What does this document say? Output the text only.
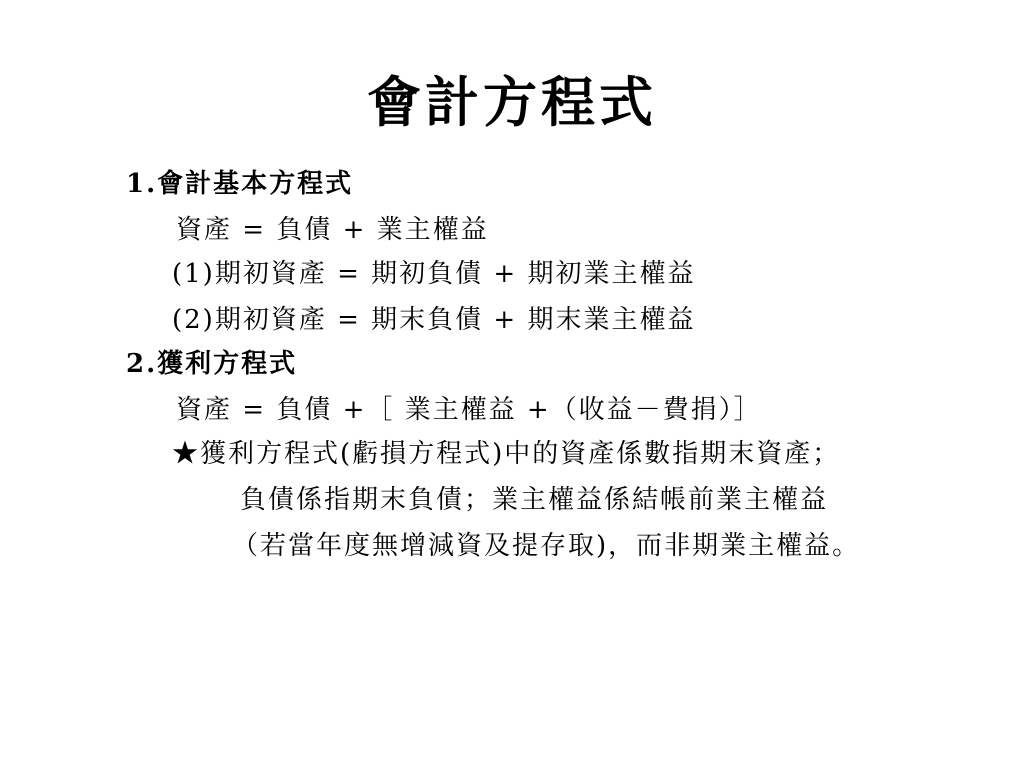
會計方程式
1.會計基本方程式
資產 = 負債 + 業主權益
(1)期初資產 = 期初負債 + 期初業主權益
(2)期初資產 = 期末負債 + 期末業主權益
2.獲利方程式
資產 = 負債 +［ 業主權益 +（收益－費捐）］
★獲利方程式(虧損方程式)中的資產係數指期末資產；
負債係指期末負債；業主權益係結帳前業主權益
（若當年度無增減資及提存取)，而非期業主權益。
